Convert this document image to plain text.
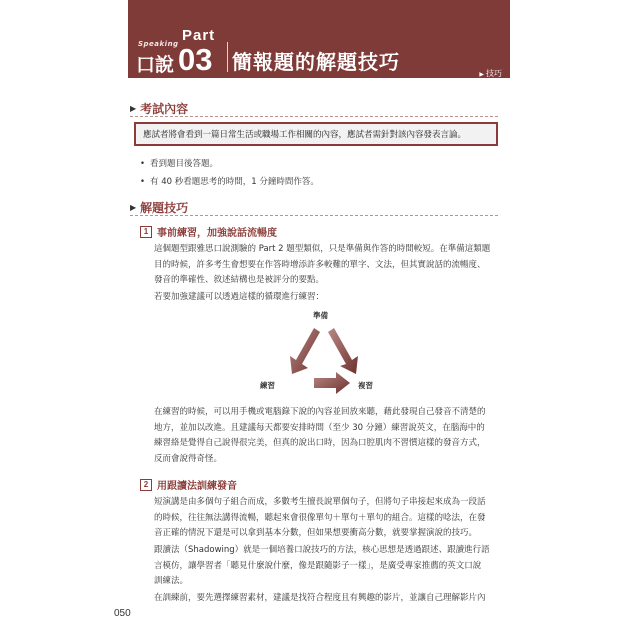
Speaking Part
口說 03 簡報題的解題技巧
▶ 技巧
▶ 考試內容
應試者將會看到一篇日常生活或職場工作相關的內容，應試者需針對該內容發表言論。
• 看到題目後答題。
• 有 40 秒看題思考的時間，1 分鐘時間作答。
▶ 解題技巧
1 事前練習，加強說話流暢度
這個題型跟雅思口說測驗的 Part 2 題型類似，只是準備與作答的時間較短。在準備這類題
目的時候，許多考生會想要在作答時增添許多較難的單字、文法，但其實說話的流暢度、
發音的準確性、敘述結構也是被評分的要點。
若要加強建議可以透過這樣的循環進行練習：
準備
練習	複習
在練習的時候，可以用手機或電腦錄下說的內容並回放來聽，藉此發現自己發音不清楚的
地方，並加以改進。且建議每天都要安排時間（至少 30 分鐘）練習說英文，在腦海中的
練習絡是覺得自己說得很完美，但真的說出口時，因為口腔肌肉不習慣這樣的發音方式，
反而會說得奇怪。
2 用跟讀法訓練發音
短演講是由多個句子組合而成，多數考生擅長說單個句子，但將句子串接起來成為一段話
的時候，往往無法講得流暢，聽起來會很像單句＋單句＋單句的組合。這樣的唸法，在發
音正確的情況下還是可以拿到基本分數，但如果想要衝高分數，就要掌握演說的技巧。
跟讀法（Shadowing）就是一個培養口說技巧的方法，核心思想是透過跟述、跟讀進行語
言模仿，讓學習者「聽見什麼說什麼，像是跟隨影子一樣」，是廣受專家推薦的英文口說
訓練法。
在訓練前，要先選擇練習素材，建議是找符合程度且有興趣的影片，並讓自己理解影片內
050
